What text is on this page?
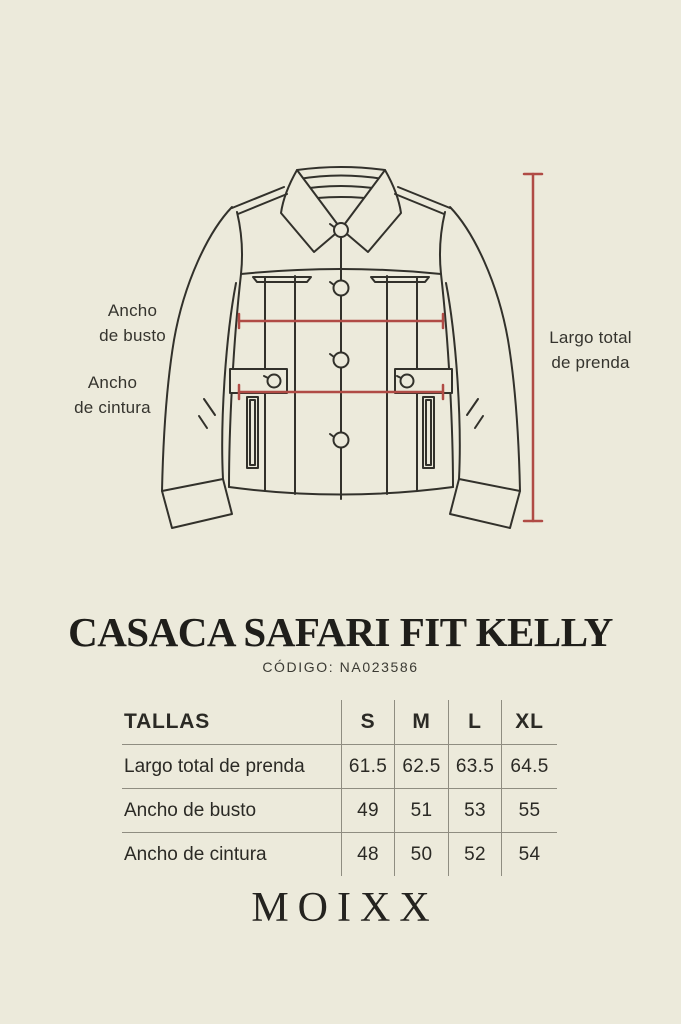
Ancho
de busto
Ancho
de cintura
Largo total
de prenda
CASACA SAFARI FIT KELLY
CÓDIGO: NA023586
TALLAS	S	M	L	XL
Largo total de prenda	61.5 62.5 63.5 64.5
Ancho de busto	49	51	53	55
Ancho de cintura	48	50	52	54
MOIXX
